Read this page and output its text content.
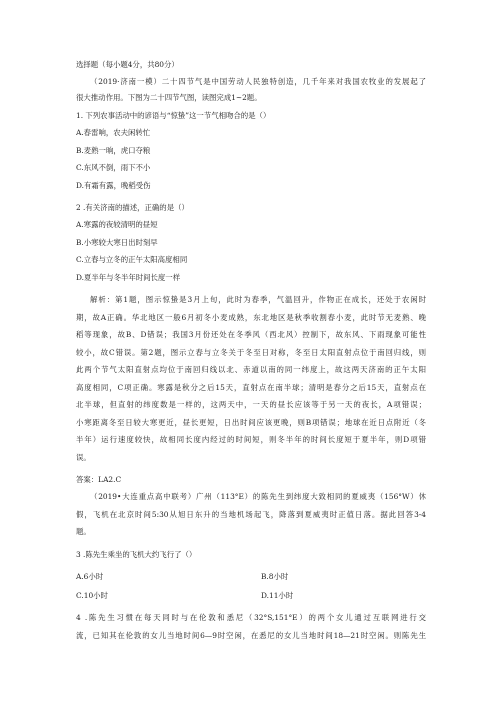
选择题（每小题4分，共80分）
（2019·济南一模）二十四节气是中国劳动人民独特创造，几千年来对我国农牧业的发展起了
很大推动作用。下图为二十四节气图，读图完成1~2题。
1. 下列农事活动中的谚语与“惊蛰”这一节气相吻合的是（）
A.春雷响，农夫闲转忙
B.麦熟一晌，虎口夺粮
C.东风不倒，雨下不小
D.有霜有露，晚稻受伤
2 .有关济南的描述，正确的是（）
A.寒露的夜较清明的昼短
B.小寒较大寒日出时刻早
C.立春与立冬的正午太阳高度相同
D.夏半年与冬半年时间长度一样
解析：第1题，图示惊蛰是3月上旬，此时为春季，气温回升，作物正在成长，还处于农闲时
期，故A正确。华北地区一般6月初冬小麦成熟，东北地区是秋季收割春小麦，此时节无麦熟、晚
稻等现象，故B、D错误；我国3月份还处在冬季风（西北风）控制下，故东风、下雨现象可能性
较小，故C错误。第2题，图示立春与立冬关于冬至日对称，冬至日太阳直射点位于南回归线，则
此两个节气太阳直射点均位于南回归线以北、赤道以南的同一纬度上，故这两天济南的正午太阳
高度相同，C项正确。寒露是秋分之后15天，直射点在南半球；清明是春分之后15天，直射点在
北半球，但直射的纬度数是一样的，这两天中，一天的昼长应该等于另一天的夜长，A项错误；
小寒距离冬至日较大寒更近，昼长更短，日出时间应该更晚，则B项错误；地球在近日点附近（冬
半年）运行速度较快，故相同长度内经过的时间短，则冬半年的时间长度短于夏半年，则D项错
误。
答案：LA2.C
（2019•大连重点高中联考）广州（113°E）的陈先生到纬度大致相同的夏威夷（156°W）休
假，飞机在北京时间5:30从旭日东升的当地机场起飞，降落到夏威夷时正值日落。据此回答3-4
题。
3 .陈先生乘坐的飞机大约飞行了（）
A.6小时	B.8小时
C.10小时	D.11小时
4 .陈先生习惯在每天同时与在伦敦和悉尼（32°S,151°E）的两个女儿通过互联网进行交
流，已知其在伦敦的女儿当地时间6—9时空闲，在悉尼的女儿当地时间18—21时空闲。则陈先生
